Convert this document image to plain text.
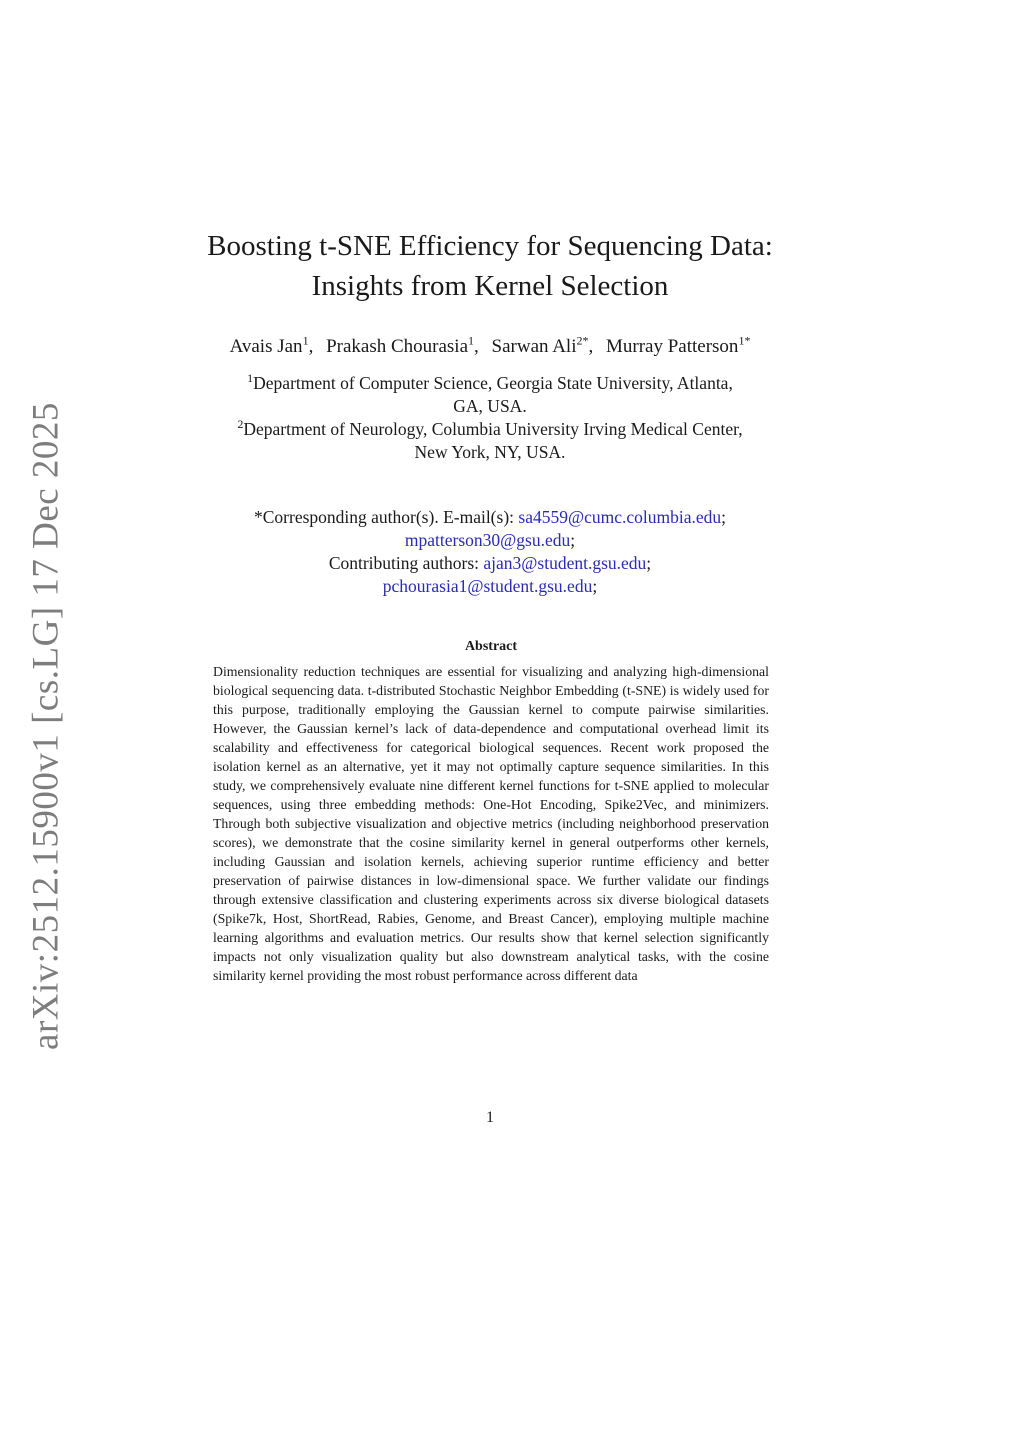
arXiv:2512.15900v1 [cs.LG] 17 Dec 2025
Boosting t-SNE Efficiency for Sequencing Data:
Insights from Kernel Selection
Avais Jan$^1$, Prakash Chourasia$^1$, Sarwan Ali$^{2*}$, Murray Patterson$^{1*}$
$^1$Department of Computer Science, Georgia State University, Atlanta,
GA, USA.
$^2$Department of Neurology, Columbia University Irving Medical Center,
New York, NY, USA.
*Corresponding author(s). E-mail(s): sa4559@cumc.columbia.edu;
mpatterson30@gsu.edu;
Contributing authors: ajan3@student.gsu.edu;
pchourasia1@student.gsu.edu;
Abstract

Dimensionality reduction techniques are essential for visualizing and analyzing high-dimensional biological sequencing data. t-distributed Stochastic Neighbor Embedding (t-SNE) is widely used for this purpose, traditionally employing the Gaussian kernel to compute pairwise similarities. However, the Gaussian kernel’s lack of data-dependence and computational overhead limit its scalability and effectiveness for categorical biological sequences. Recent work proposed the isolation kernel as an alternative, yet it may not optimally capture sequence similarities. In this study, we comprehensively evaluate nine different kernel functions for t-SNE applied to molecular sequences, using three embedding methods: One-Hot Encoding, Spike2Vec, and minimizers. Through both subjective visualization and objective metrics (including neighborhood preservation scores), we demonstrate that the cosine similarity kernel in general outperforms other kernels, including Gaussian and isolation kernels, achieving superior runtime efficiency and better preservation of pairwise distances in low-dimensional space. We further validate our findings through extensive classification and clustering experiments across six diverse biological datasets (Spike7k, Host, ShortRead, Rabies, Genome, and Breast Cancer), employing multiple machine learning algorithms and evaluation metrics. Our results show that kernel selection significantly impacts not only visualization quality but also downstream analytical tasks, with the cosine similarity kernel providing the most robust performance across different data

1
